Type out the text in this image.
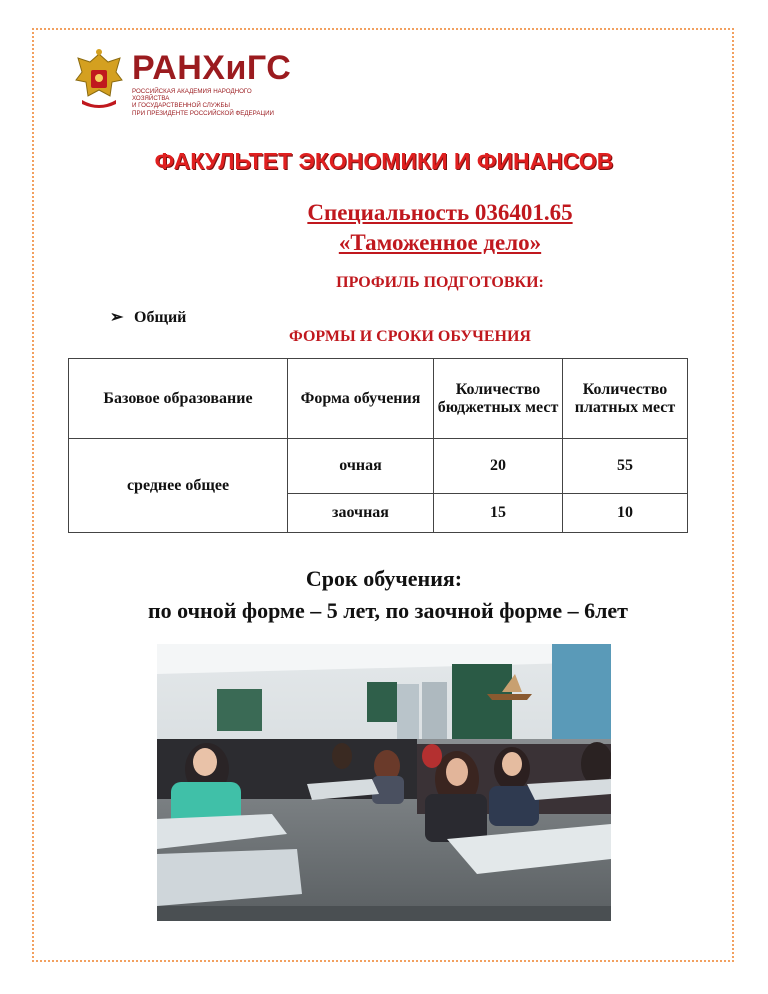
РАНХиГС
РОССИЙСКАЯ АКАДЕМИЯ НАРОДНОГО ХОЗЯЙСТВА
И ГОСУДАРСТВЕННОЙ СЛУЖБЫ
ПРИ ПРЕЗИДЕНТЕ РОССИЙСКОЙ ФЕДЕРАЦИИ
ФАКУЛЬТЕТ ЭКОНОМИКИ И ФИНАНСОВ
Специальность 036401.65
«Таможенное дело»
ПРОФИЛЬ ПОДГОТОВКИ:
➢ Общий
ФОРМЫ И СРОКИ ОБУЧЕНИЯ
Базовое образование	Форма обучения	Количество бюджетных мест	Количество платных мест
среднее общее	очная	20	55
	заочная	15	10
Срок обучения:
по очной форме – 5 лет, по заочной форме – 6лет
